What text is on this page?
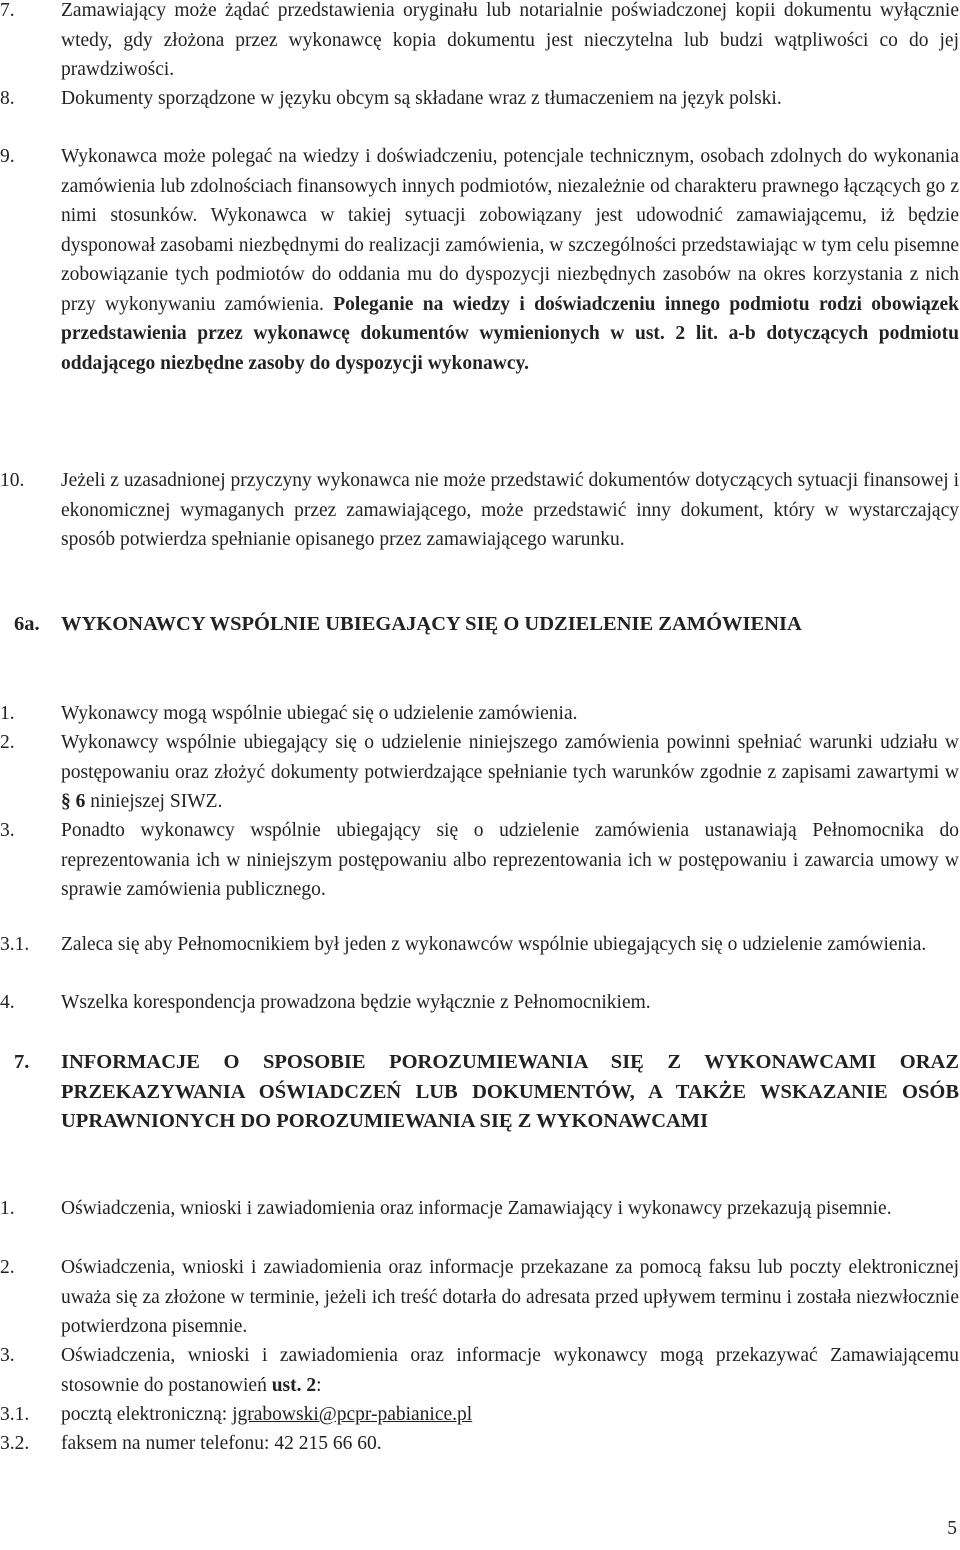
7. Zamawiający może żądać przedstawienia oryginału lub notarialnie poświadczonej kopii dokumentu wyłącznie wtedy, gdy złożona przez wykonawcę kopia dokumentu jest nieczytelna lub budzi wątpliwości co do jej prawdziwości.
8. Dokumenty sporządzone w języku obcym są składane wraz z tłumaczeniem na język polski.
9. Wykonawca może polegać na wiedzy i doświadczeniu, potencjale technicznym, osobach zdolnych do wykonania zamówienia lub zdolnościach finansowych innych podmiotów, niezależnie od charakteru prawnego łączących go z nimi stosunków. Wykonawca w takiej sytuacji zobowiązany jest udowodnić zamawiającemu, iż będzie dysponował zasobami niezbędnymi do realizacji zamówienia, w szczególności przedstawiając w tym celu pisemne zobowiązanie tych podmiotów do oddania mu do dyspozycji niezbędnych zasobów na okres korzystania z nich przy wykonywaniu zamówienia. Poleganie na wiedzy i doświadczeniu innego podmiotu rodzi obowiązek przedstawienia przez wykonawcę dokumentów wymienionych w ust. 2 lit. a-b dotyczących podmiotu oddającego niezbędne zasoby do dyspozycji wykonawcy.
10. Jeżeli z uzasadnionej przyczyny wykonawca nie może przedstawić dokumentów dotyczących sytuacji finansowej i ekonomicznej wymaganych przez zamawiającego, może przedstawić inny dokument, który w wystarczający sposób potwierdza spełnianie opisanego przez zamawiającego warunku.
6a. WYKONAWCY WSPÓLNIE UBIEGAJĄCY SIĘ O UDZIELENIE ZAMÓWIENIA
1. Wykonawcy mogą wspólnie ubiegać się o udzielenie zamówienia.
2. Wykonawcy wspólnie ubiegający się o udzielenie niniejszego zamówienia powinni spełniać warunki udziału w postępowaniu oraz złożyć dokumenty potwierdzające spełnianie tych warunków zgodnie z zapisami zawartymi w § 6 niniejszej SIWZ.
3. Ponadto wykonawcy wspólnie ubiegający się o udzielenie zamówienia ustanawiają Pełnomocnika do reprezentowania ich w niniejszym postępowaniu albo reprezentowania ich w postępowaniu i zawarcia umowy w sprawie zamówienia publicznego.
3.1. Zaleca się aby Pełnomocnikiem był jeden z wykonawców wspólnie ubiegających się o udzielenie zamówienia.
4. Wszelka korespondencja prowadzona będzie wyłącznie z Pełnomocnikiem.
7. INFORMACJE O SPOSOBIE POROZUMIEWANIA SIĘ Z WYKONAWCAMI ORAZ PRZEKAZYWANIA OŚWIADCZEŃ LUB DOKUMENTÓW, A TAKŻE WSKAZANIE OSÓB UPRAWNIONYCH DO POROZUMIEWANIA SIĘ Z WYKONAWCAMI
1. Oświadczenia, wnioski i zawiadomienia oraz informacje Zamawiający i wykonawcy przekazują pisemnie.
2. Oświadczenia, wnioski i zawiadomienia oraz informacje przekazane za pomocą faksu lub poczty elektronicznej uważa się za złożone w terminie, jeżeli ich treść dotarła do adresata przed upływem terminu i została niezwłocznie potwierdzona pisemnie.
3. Oświadczenia, wnioski i zawiadomienia oraz informacje wykonawcy mogą przekazywać Zamawiającemu stosownie do postanowień ust. 2:
3.1. pocztą elektroniczną: jgrabowski@pcpr-pabianice.pl
3.2. faksem na numer telefonu: 42 215 66 60.
5
